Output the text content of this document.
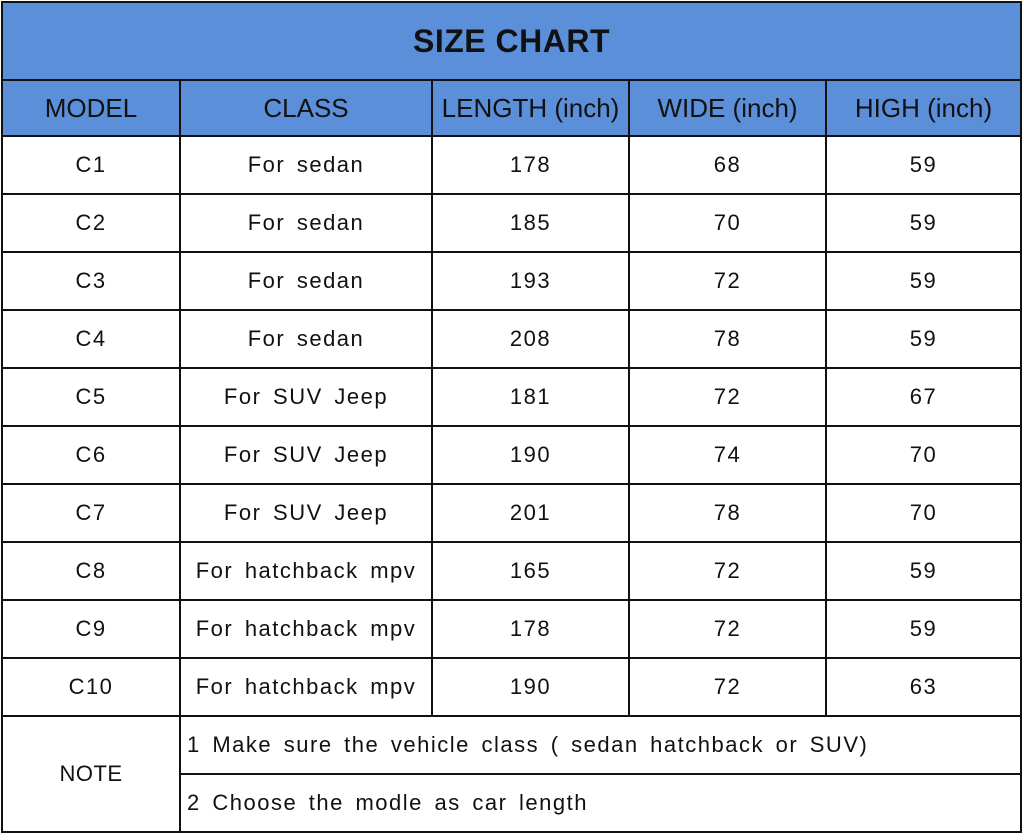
SIZE CHART				
MODEL	CLASS	LENGTH (inch)	WIDE (inch)	HIGH (inch)
C1	For sedan	178	68	59
C2	For sedan	185	70	59
C3	For sedan	193	72	59
C4	For sedan	208	78	59
C5	For SUV Jeep	181	72	67
C6	For SUV Jeep	190	74	70
C7	For SUV Jeep	201	78	70
C8	For hatchback mpv	165	72	59
C9	For hatchback mpv	178	72	59
C10	For hatchback mpv	190	72	63
NOTE	1 Make sure the vehicle class ( sedan hatchback or SUV)			
	2 Choose the modle as car length			
